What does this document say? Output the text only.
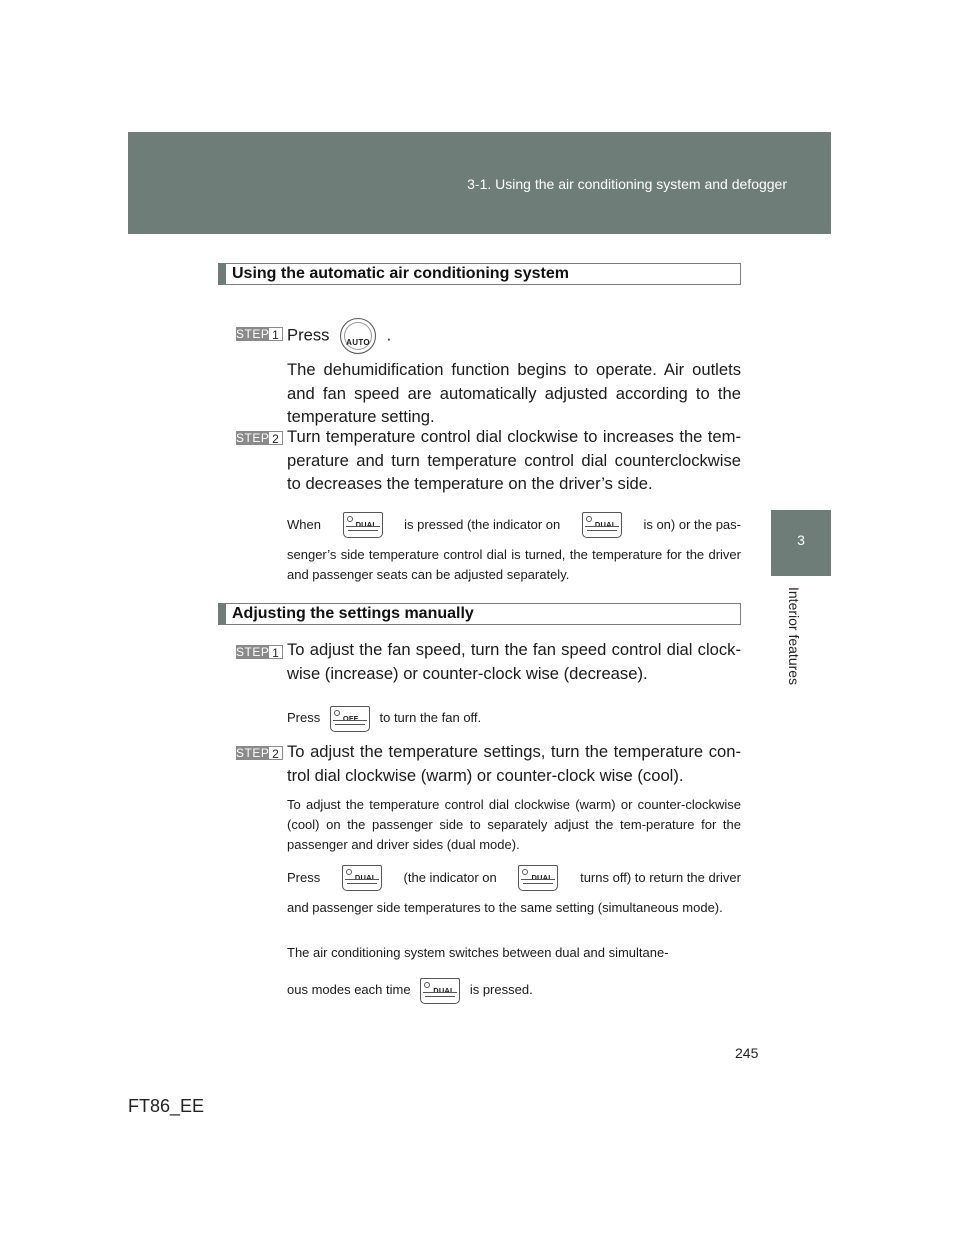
3-1. Using the air conditioning system and defogger
3
Interior features
Using the automatic air conditioning system
STEP 1 Press	AUTO	.
The dehumidification function begins to operate. Air outlets and fan speed are automatically adjusted according to the temperature setting.
STEP 2 Turn temperature control dial clockwise to increases the tem-perature and turn temperature control dial counterclockwise to decreases the temperature on the driver’s side.
When	DUAL is pressed (the indicator on	DUAL is on) or the pas-
senger’s side temperature control dial is turned, the temperature for the driver and passenger seats can be adjusted separately.
Adjusting the settings manually
STEP 1 To adjust the fan speed, turn the fan speed control dial clock-wise (increase) or counter-clock wise (decrease).
Press	OFF to turn the fan off.
STEP 2 To adjust the temperature settings, turn the temperature con-trol dial clockwise (warm) or counter-clock wise (cool).
To adjust the temperature control dial clockwise (warm) or counter-clockwise (cool) on the passenger side to separately adjust the tem-perature for the passenger and driver sides (dual mode).
Press	DUAL (the indicator on	DUAL turns off) to return the driver
and passenger side temperatures to the same setting (simultaneous mode).
The air conditioning system switches between dual and simultane-
ous modes each time	DUAL is pressed.
245
FT86_EE
